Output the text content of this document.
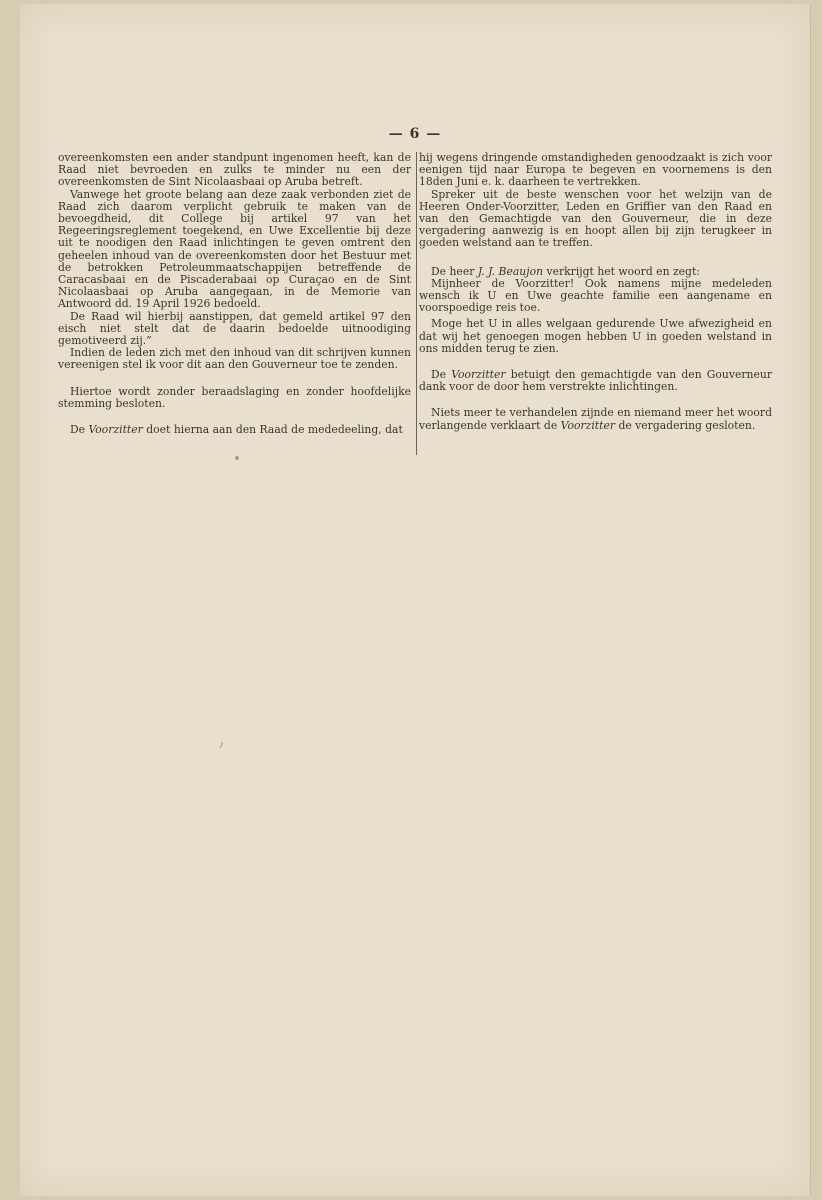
— 6 —

overeenkomsten een ander standpunt ingenomen heeft, kan de Raad niet bevroeden en zulks te minder nu een der overeenkomsten de Sint Nicolaasbaai op Aruba betreft.

Vanwege het groote belang aan deze zaak verbonden ziet de Raad zich daarom verplicht gebruik te maken van de bevoegdheid, dit College bij artikel 97 van het Regeeringsreglement toegekend, en Uwe Excellentie bij deze uit te noodigen den Raad inlichtingen te geven omtrent den geheelen inhoud van de overeenkomsten door het Bestuur met de betrokken Petroleummaatschappijen betreffende de Caracasbaai en de Piscaderabaai op Curaçao en de Sint Nicolaasbaai op Aruba aangegaan, in de Memorie van Antwoord dd. 19 April 1926 bedoeld.

De Raad wil hierbij aanstippen, dat gemeld artikel 97 den eisch niet stelt dat de daarin bedoelde uitnoodiging gemotiveerd zij.”

Indien de leden zich met den inhoud van dit schrijven kunnen vereenigen stel ik voor dit aan den Gouverneur toe te zenden.

Hiertoe wordt zonder beraadslaging en zonder hoofdelijke stemming besloten.

De Voorzitter doet hierna aan den Raad de mededeeling, dat

hij wegens dringende omstandigheden genoodzaakt is zich voor eenigen tijd naar Europa te begeven en voornemens is den 18den Juni e. k. daarheen te vertrekken.

Spreker uit de beste wenschen voor het welzijn van de Heeren Onder-Voorzitter, Leden en Griffier van den Raad en van den Gemachtigde van den Gouverneur, die in deze vergadering aanwezig is en hoopt allen bij zijn terugkeer in goeden welstand aan te treffen.

De heer J. J. Beaujon verkrijgt het woord en zegt:

Mijnheer de Voorzitter! Ook namens mijne medeleden wensch ik U en Uwe geachte familie een aangename en voorspoedige reis toe.

Moge het U in alles welgaan gedurende Uwe afwezigheid en dat wij het genoegen mogen hebben U in goeden welstand in ons midden terug te zien.

De Voorzitter betuigt den gemachtigde van den Gouverneur dank voor de door hem verstrekte inlichtingen.

Niets meer te verhandelen zijnde en niemand meer het woord verlangende verklaart de Voorzitter de vergadering gesloten.
